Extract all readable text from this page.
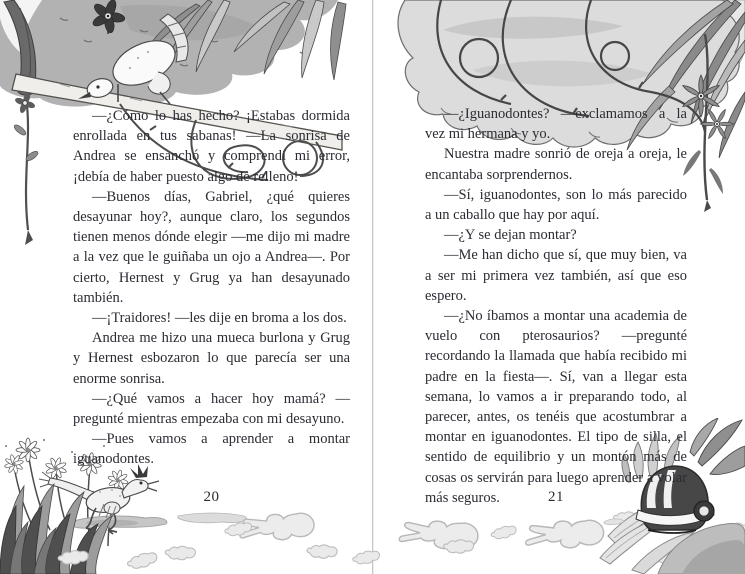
—¿Cómo lo has hecho? ¡Estabas dormida enrollada en tus sabanas! —La sonrisa de Andrea se ensanchó y comprendí mi error, ¡debía de haber puesto algo de relleno!

—Buenos días, Gabriel, ¿qué quieres desayunar hoy?, aunque claro, los segundos tienen menos dónde elegir —me dijo mi madre a la vez que le guiñaba un ojo a Andrea—. Por cierto, Hernest y Grug ya han desayunado también.

—¡Traidores! —les dije en broma a los dos.

Andrea me hizo una mueca burlona y Grug y Hernest esbozaron lo que parecía ser una enorme sonrisa.

—¿Qué vamos a hacer hoy mamá? —pregunté mientras empezaba con mi desayuno.

—Pues vamos a aprender a montar iguanodontes.

—¿Iguanodontes? —exclamamos a la vez mi hermana y yo.

Nuestra madre sonrió de oreja a oreja, le encantaba sorprendernos.

—Sí, iguanodontes, son lo más parecido a un caballo que hay por aquí.

—¿Y se dejan montar?

—Me han dicho que sí, que muy bien, va a ser mi primera vez también, así que eso espero.

—¿No íbamos a montar una academia de vuelo con pterosaurios? —pregunté recordando la llamada que había recibido mi padre en la fiesta—. Sí, van a llegar esta semana, lo vamos a ir preparando todo, al parecer, antes, os tenéis que acostumbrar a montar en iguanodontes. El tipo de silla, el sentido de equilibrio y un montón más de cosas os servirán para luego aprender a volar más seguros.

20	21
